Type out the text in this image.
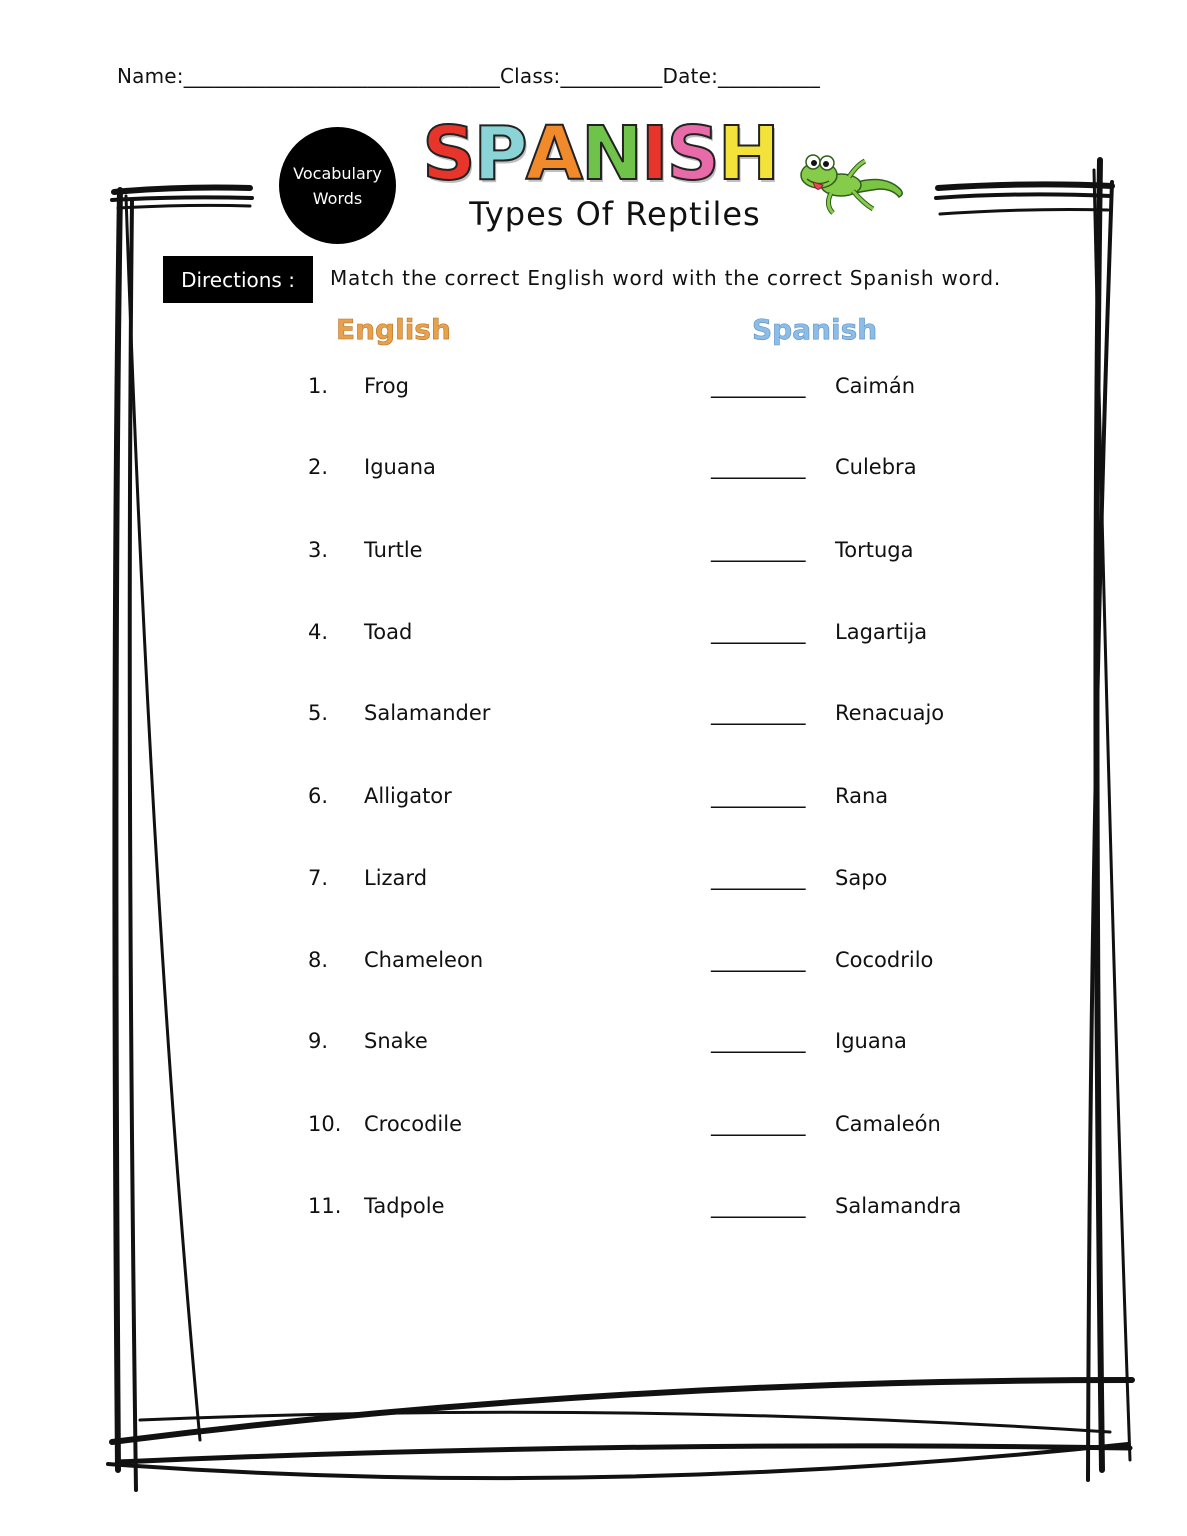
Name:_______________________________Class:__________Date:__________
Vocabulary
Words
S P A N I S H
Types Of Reptiles
Directions :	Match the correct English word with the correct Spanish word.
English	Spanish
1. Frog	_________ Caimán
2. Iguana	_________ Culebra
3. Turtle	_________ Tortuga
4. Toad	_________ Lagartija
5. Salamander	_________ Renacuajo
6. Alligator	_________ Rana
7. Lizard	_________ Sapo
8. Chameleon	_________ Cocodrilo
9. Snake	_________ Iguana
10. Crocodile	_________ Camaleón
11. Tadpole	_________ Salamandra
